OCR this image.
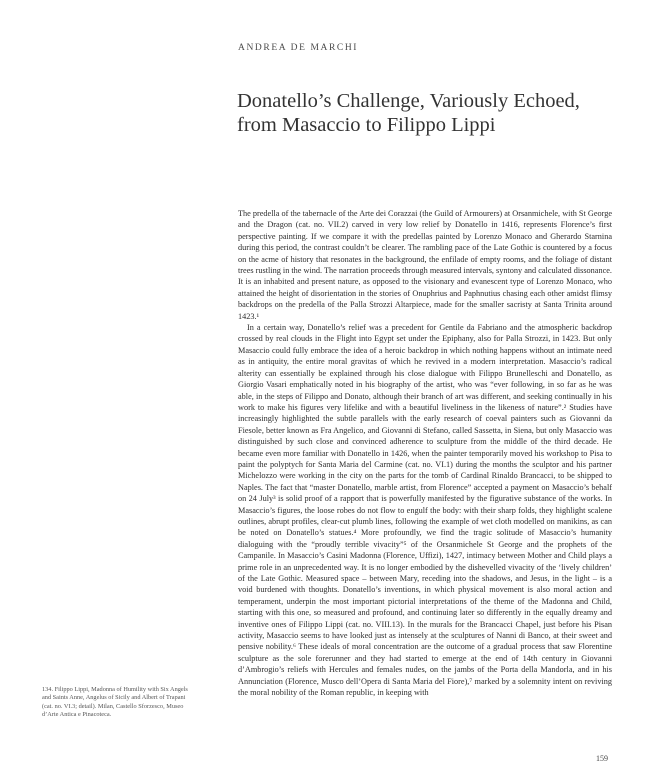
ANDREA DE MARCHI
Donatello’s Challenge, Variously Echoed,
from Masaccio to Filippo Lippi

The predella of the tabernacle of the Arte dei Corazzai (the Guild of Armourers) at Orsanmichele, with St George and the Dragon (cat. no. VII.2) carved in very low relief by Donatello in 1416, represents Florence’s first perspective painting. If we compare it with the predellas painted by Lorenzo Monaco and Gherardo Starnina during this period, the contrast couldn’t be clearer. The rambling pace of the Late Gothic is countered by a focus on the acme of history that resonates in the background, the enfilade of empty rooms, and the foliage of distant trees rustling in the wind. The narration proceeds through measured intervals, syntony and calculated dissonance. It is an inhabited and present nature, as opposed to the visionary and evanescent type of Lorenzo Monaco, who attained the height of disorientation in the stories of Onuphrius and Paphnutius chasing each other amidst flimsy backdrops on the predella of the Palla Strozzi Altarpiece, made for the smaller sacristy at Santa Trinita around 1423.¹

In a certain way, Donatello’s relief was a precedent for Gentile da Fabriano and the atmospheric backdrop crossed by real clouds in the Flight into Egypt set under the Epiphany, also for Palla Strozzi, in 1423. But only Masaccio could fully embrace the idea of a heroic backdrop in which nothing happens without an intimate need as in antiquity, the entire moral gravitas of which he revived in a modern interpretation. Masaccio’s radical alterity can essentially be explained through his close dialogue with Filippo Brunelleschi and Donatello, as Giorgio Vasari emphatically noted in his biography of the artist, who was “ever following, in so far as he was able, in the steps of Filippo and Donato, although their branch of art was different, and seeking continually in his work to make his figures very lifelike and with a beautiful liveliness in the likeness of nature”.² Studies have increasingly highlighted the subtle parallels with the early research of coeval painters such as Giovanni da Fiesole, better known as Fra Angelico, and Giovanni di Stefano, called Sassetta, in Siena, but only Masaccio was distinguished by such close and convinced adherence to sculpture from the middle of the third decade. He became even more familiar with Donatello in 1426, when the painter temporarily moved his workshop to Pisa to paint the polyptych for Santa Maria del Carmine (cat. no. VI.1) during the months the sculptor and his partner Michelozzo were working in the city on the parts for the tomb of Cardinal Rinaldo Brancacci, to be shipped to Naples. The fact that “master Donatello, marble artist, from Florence” accepted a payment on Masaccio’s behalf on 24 July³ is solid proof of a rapport that is powerfully manifested by the figurative substance of the works. In Masaccio’s figures, the loose robes do not flow to engulf the body: with their sharp folds, they highlight scalene outlines, abrupt profiles, clear-cut plumb lines, following the example of wet cloth modelled on manikins, as can be noted on Donatello’s statues.⁴ More profoundly, we find the tragic solitude of Masaccio’s humanity dialoguing with the “proudly terrible vivacity”⁵ of the Orsanmichele St George and the prophets of the Campanile. In Masaccio’s Casini Madonna (Florence, Uffizi), 1427, intimacy between Mother and Child plays a prime role in an unprecedented way. It is no longer embodied by the dishevelled vivacity of the ‘lively children’ of the Late Gothic. Measured space – between Mary, receding into the shadows, and Jesus, in the light – is a void burdened with thoughts. Donatello’s inventions, in which physical movement is also moral action and temperament, underpin the most important pictorial interpretations of the theme of the Madonna and Child, starting with this one, so measured and profound, and continuing later so differently in the equally dreamy and inventive ones of Filippo Lippi (cat. no. VIII.13). In the murals for the Brancacci Chapel, just before his Pisan activity, Masaccio seems to have looked just as intensely at the sculptures of Nanni di Banco, at their sweet and pensive nobility.⁶ These ideals of moral concentration are the outcome of a gradual process that saw Florentine sculpture as the sole forerunner and they had started to emerge at the end of 14th century in Giovanni d’Ambrogio’s reliefs with Hercules and females nudes, on the jambs of the Porta della Mandorla, and in his Annunciation (Florence, Musco dell’Opera di Santa Maria del Fiore),⁷ marked by a solemnity intent on reviving the moral nobility of the Roman republic, in keeping with

134. Filippo Lippi, Madonna of Humility with Six Angels
and Saints Anne, Angelus of Sicily and Albert of Trapani
(cat. no. VI.3; detail). Milan, Castello Sforzesco, Museo
d’Arte Antica e Pinacoteca.
159
